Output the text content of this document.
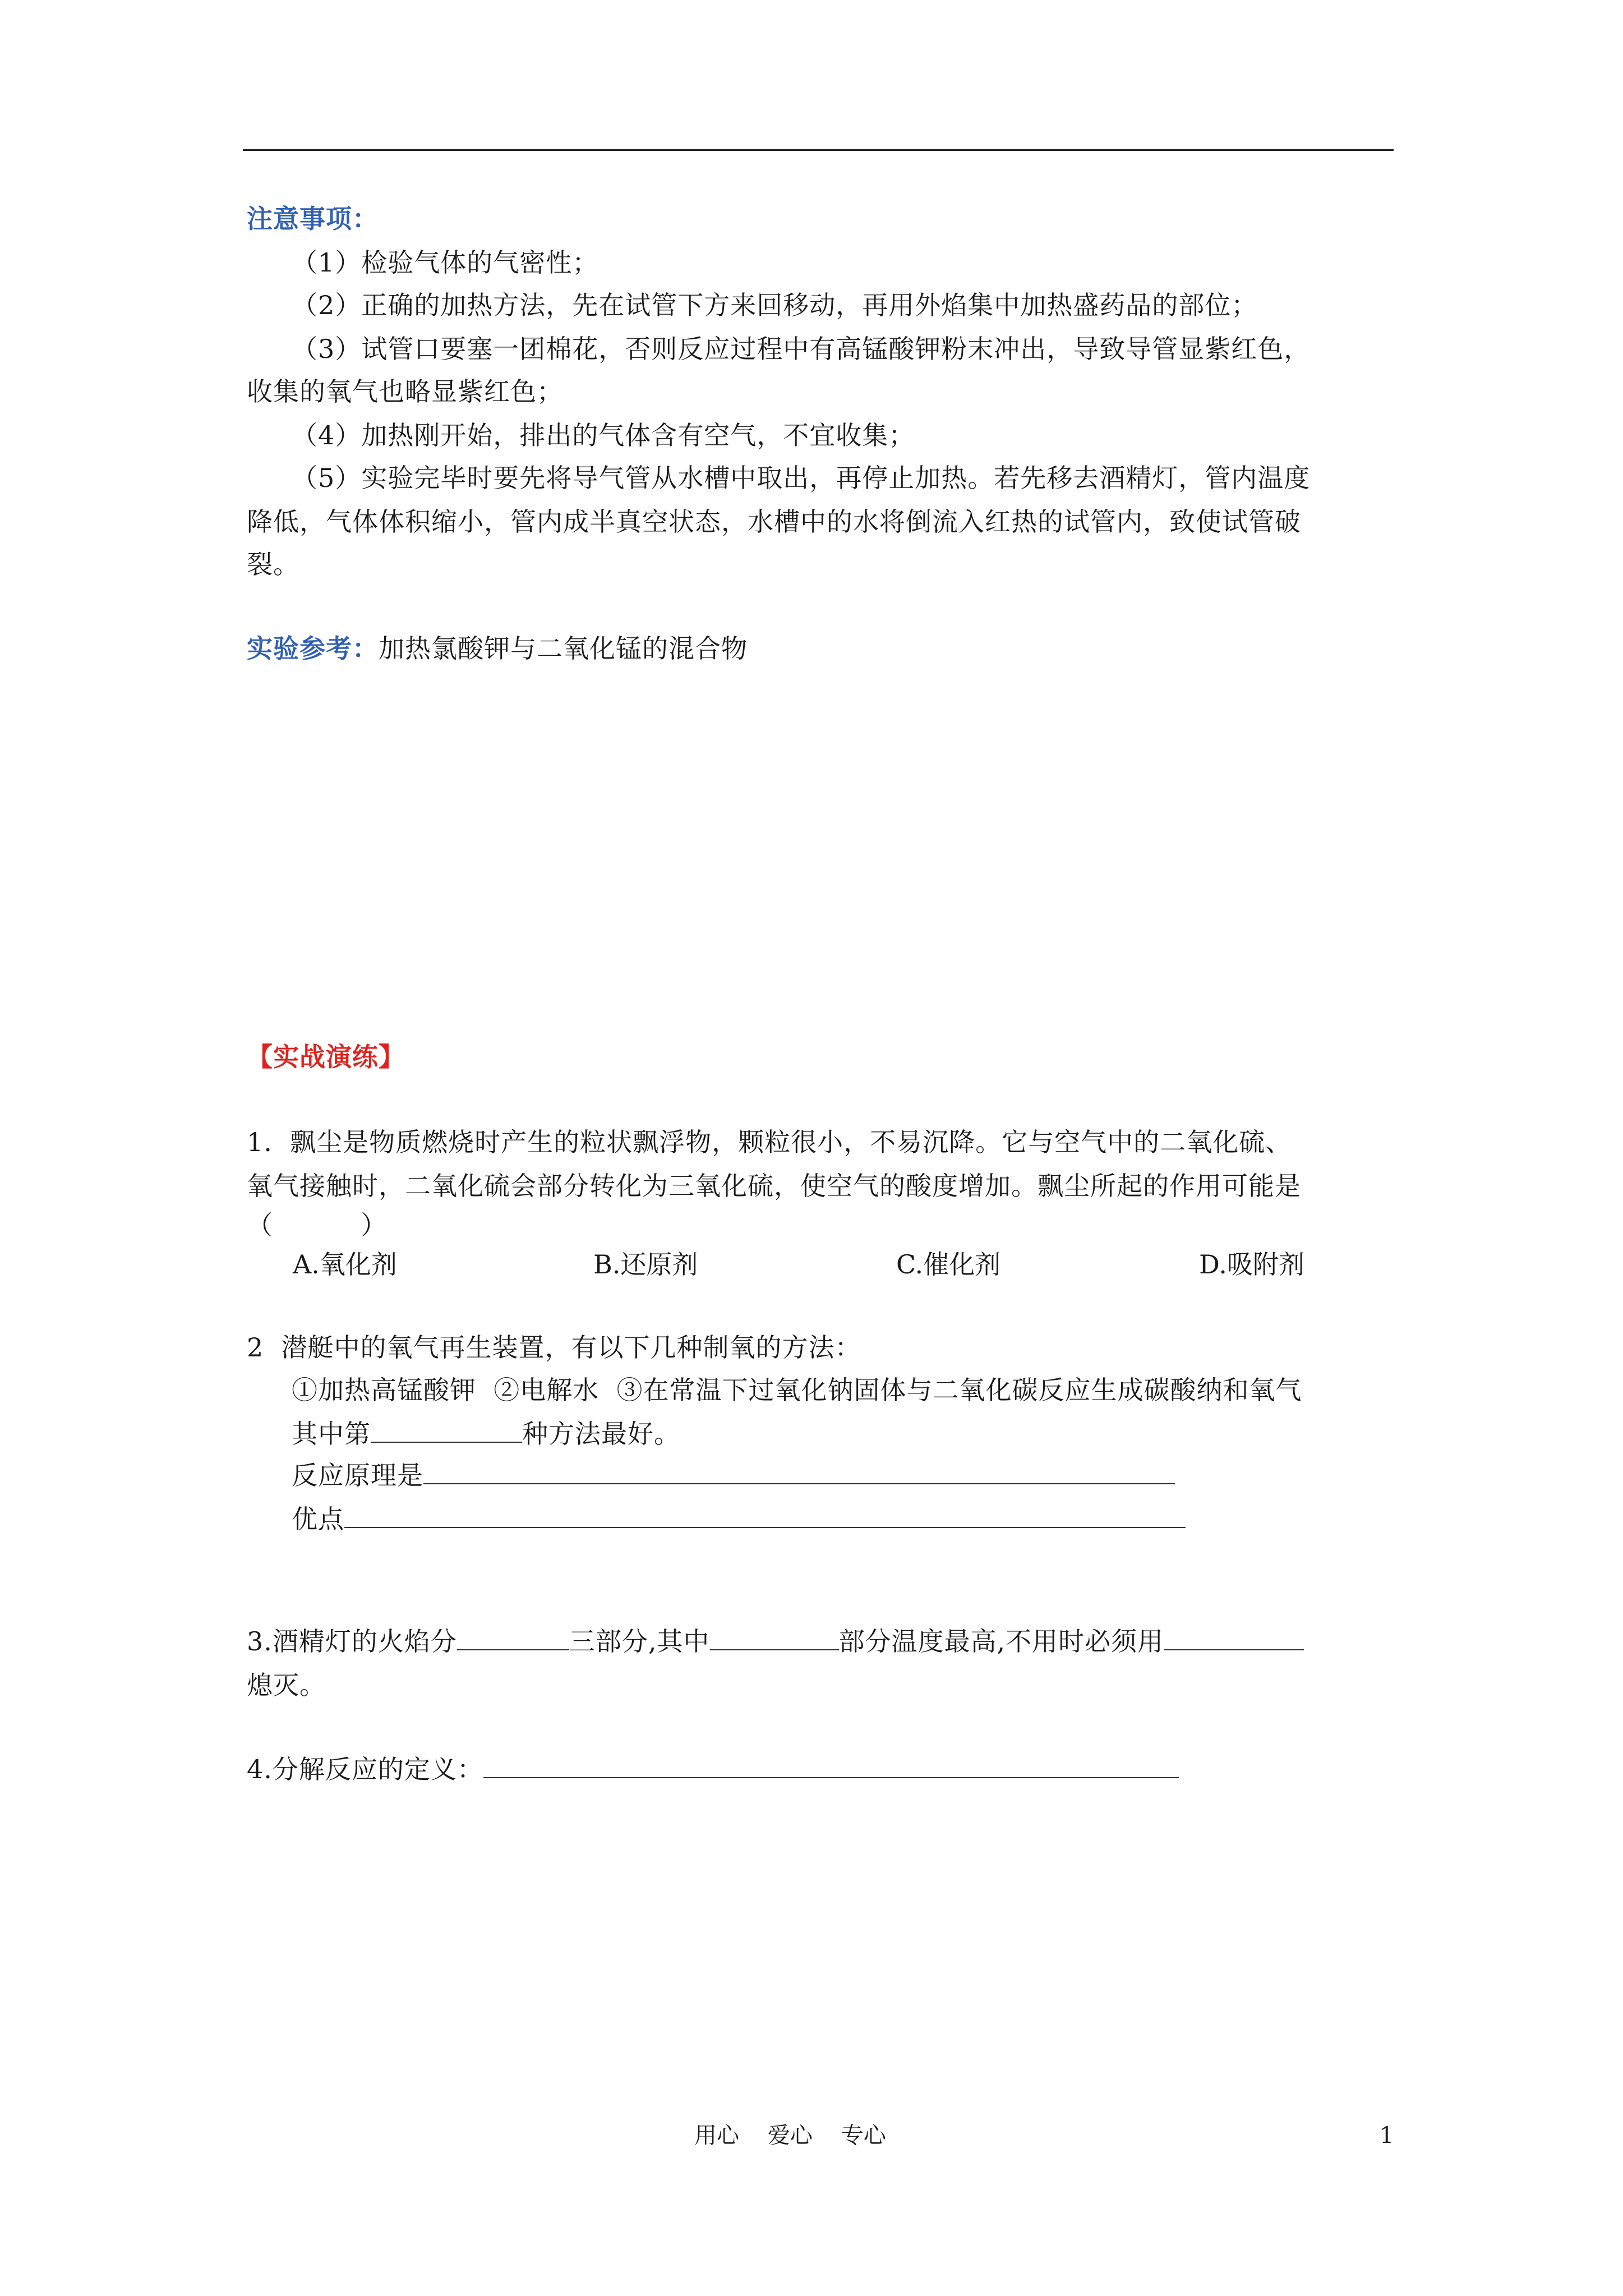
注意事项：
（1）检验气体的气密性；
（2）正确的加热方法，先在试管下方来回移动，再用外焰集中加热盛药品的部位；
（3）试管口要塞一团棉花，否则反应过程中有高锰酸钾粉末冲出，导致导管显紫红色，
收集的氧气也略显紫红色；
（4）加热刚开始，排出的气体含有空气，不宜收集；
（5）实验完毕时要先将导气管从水槽中取出，再停止加热。若先移去酒精灯，管内温度
降低，气体体积缩小，管内成半真空状态，水槽中的水将倒流入红热的试管内，致使试管破
裂。
实验参考：加热氯酸钾与二氧化锰的混合物
【实战演练】
1.  飘尘是物质燃烧时产生的粒状飘浮物，颗粒很小，不易沉降。它与空气中的二氧化硫、
氧气接触时，二氧化硫会部分转化为三氧化硫，使空气的酸度增加。飘尘所起的作用可能是
（          ）
A.氧化剂	B.还原剂	C.催化剂	D.吸附剂
2  潜艇中的氧气再生装置，有以下几种制氧的方法：
①加热高锰酸钾  ②电解水  ③在常温下过氧化钠固体与二氧化碳反应生成碳酸纳和氧气
其中第	种方法最好。
反应原理是
优点
3.酒精灯的火焰分	三部分,其中	部分温度最高,不用时必须用
熄灭。
4.分解反应的定义：
用心    爱心    专心	1
